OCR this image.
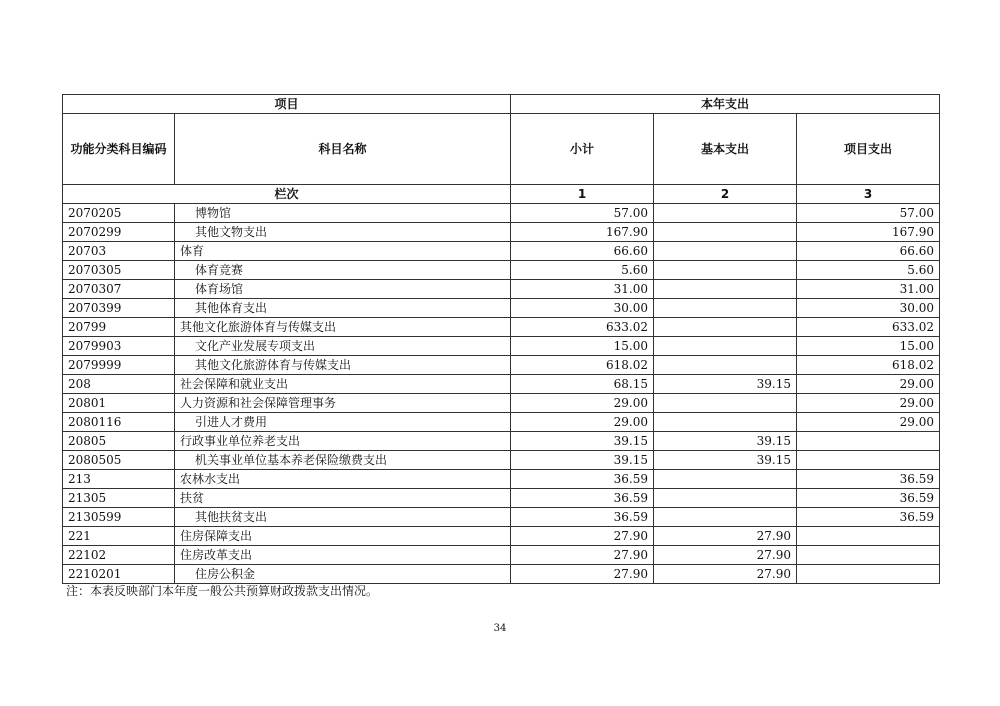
项目		本年支出		
功能分类科目编码	科目名称	小计	基本支出	项目支出
栏次		1	2	3
2070205	博物馆	57.00		57.00
2070299	其他文物支出	167.90		167.90
20703	体育	66.60		66.60
2070305	体育竞赛	5.60		5.60
2070307	体育场馆	31.00		31.00
2070399	其他体育支出	30.00		30.00
20799	其他文化旅游体育与传媒支出	633.02		633.02
2079903	文化产业发展专项支出	15.00		15.00
2079999	其他文化旅游体育与传媒支出	618.02		618.02
208	社会保障和就业支出	68.15	39.15	29.00
20801	人力资源和社会保障管理事务	29.00		29.00
2080116	引进人才费用	29.00		29.00
20805	行政事业单位养老支出	39.15	39.15	
2080505	机关事业单位基本养老保险缴费支出	39.15	39.15	
213	农林水支出	36.59		36.59
21305	扶贫	36.59		36.59
2130599	其他扶贫支出	36.59		36.59
221	住房保障支出	27.90	27.90	
22102	住房改革支出	27.90	27.90	
2210201	住房公积金	27.90	27.90	
注：本表反映部门本年度一般公共预算财政拨款支出情况。
34
